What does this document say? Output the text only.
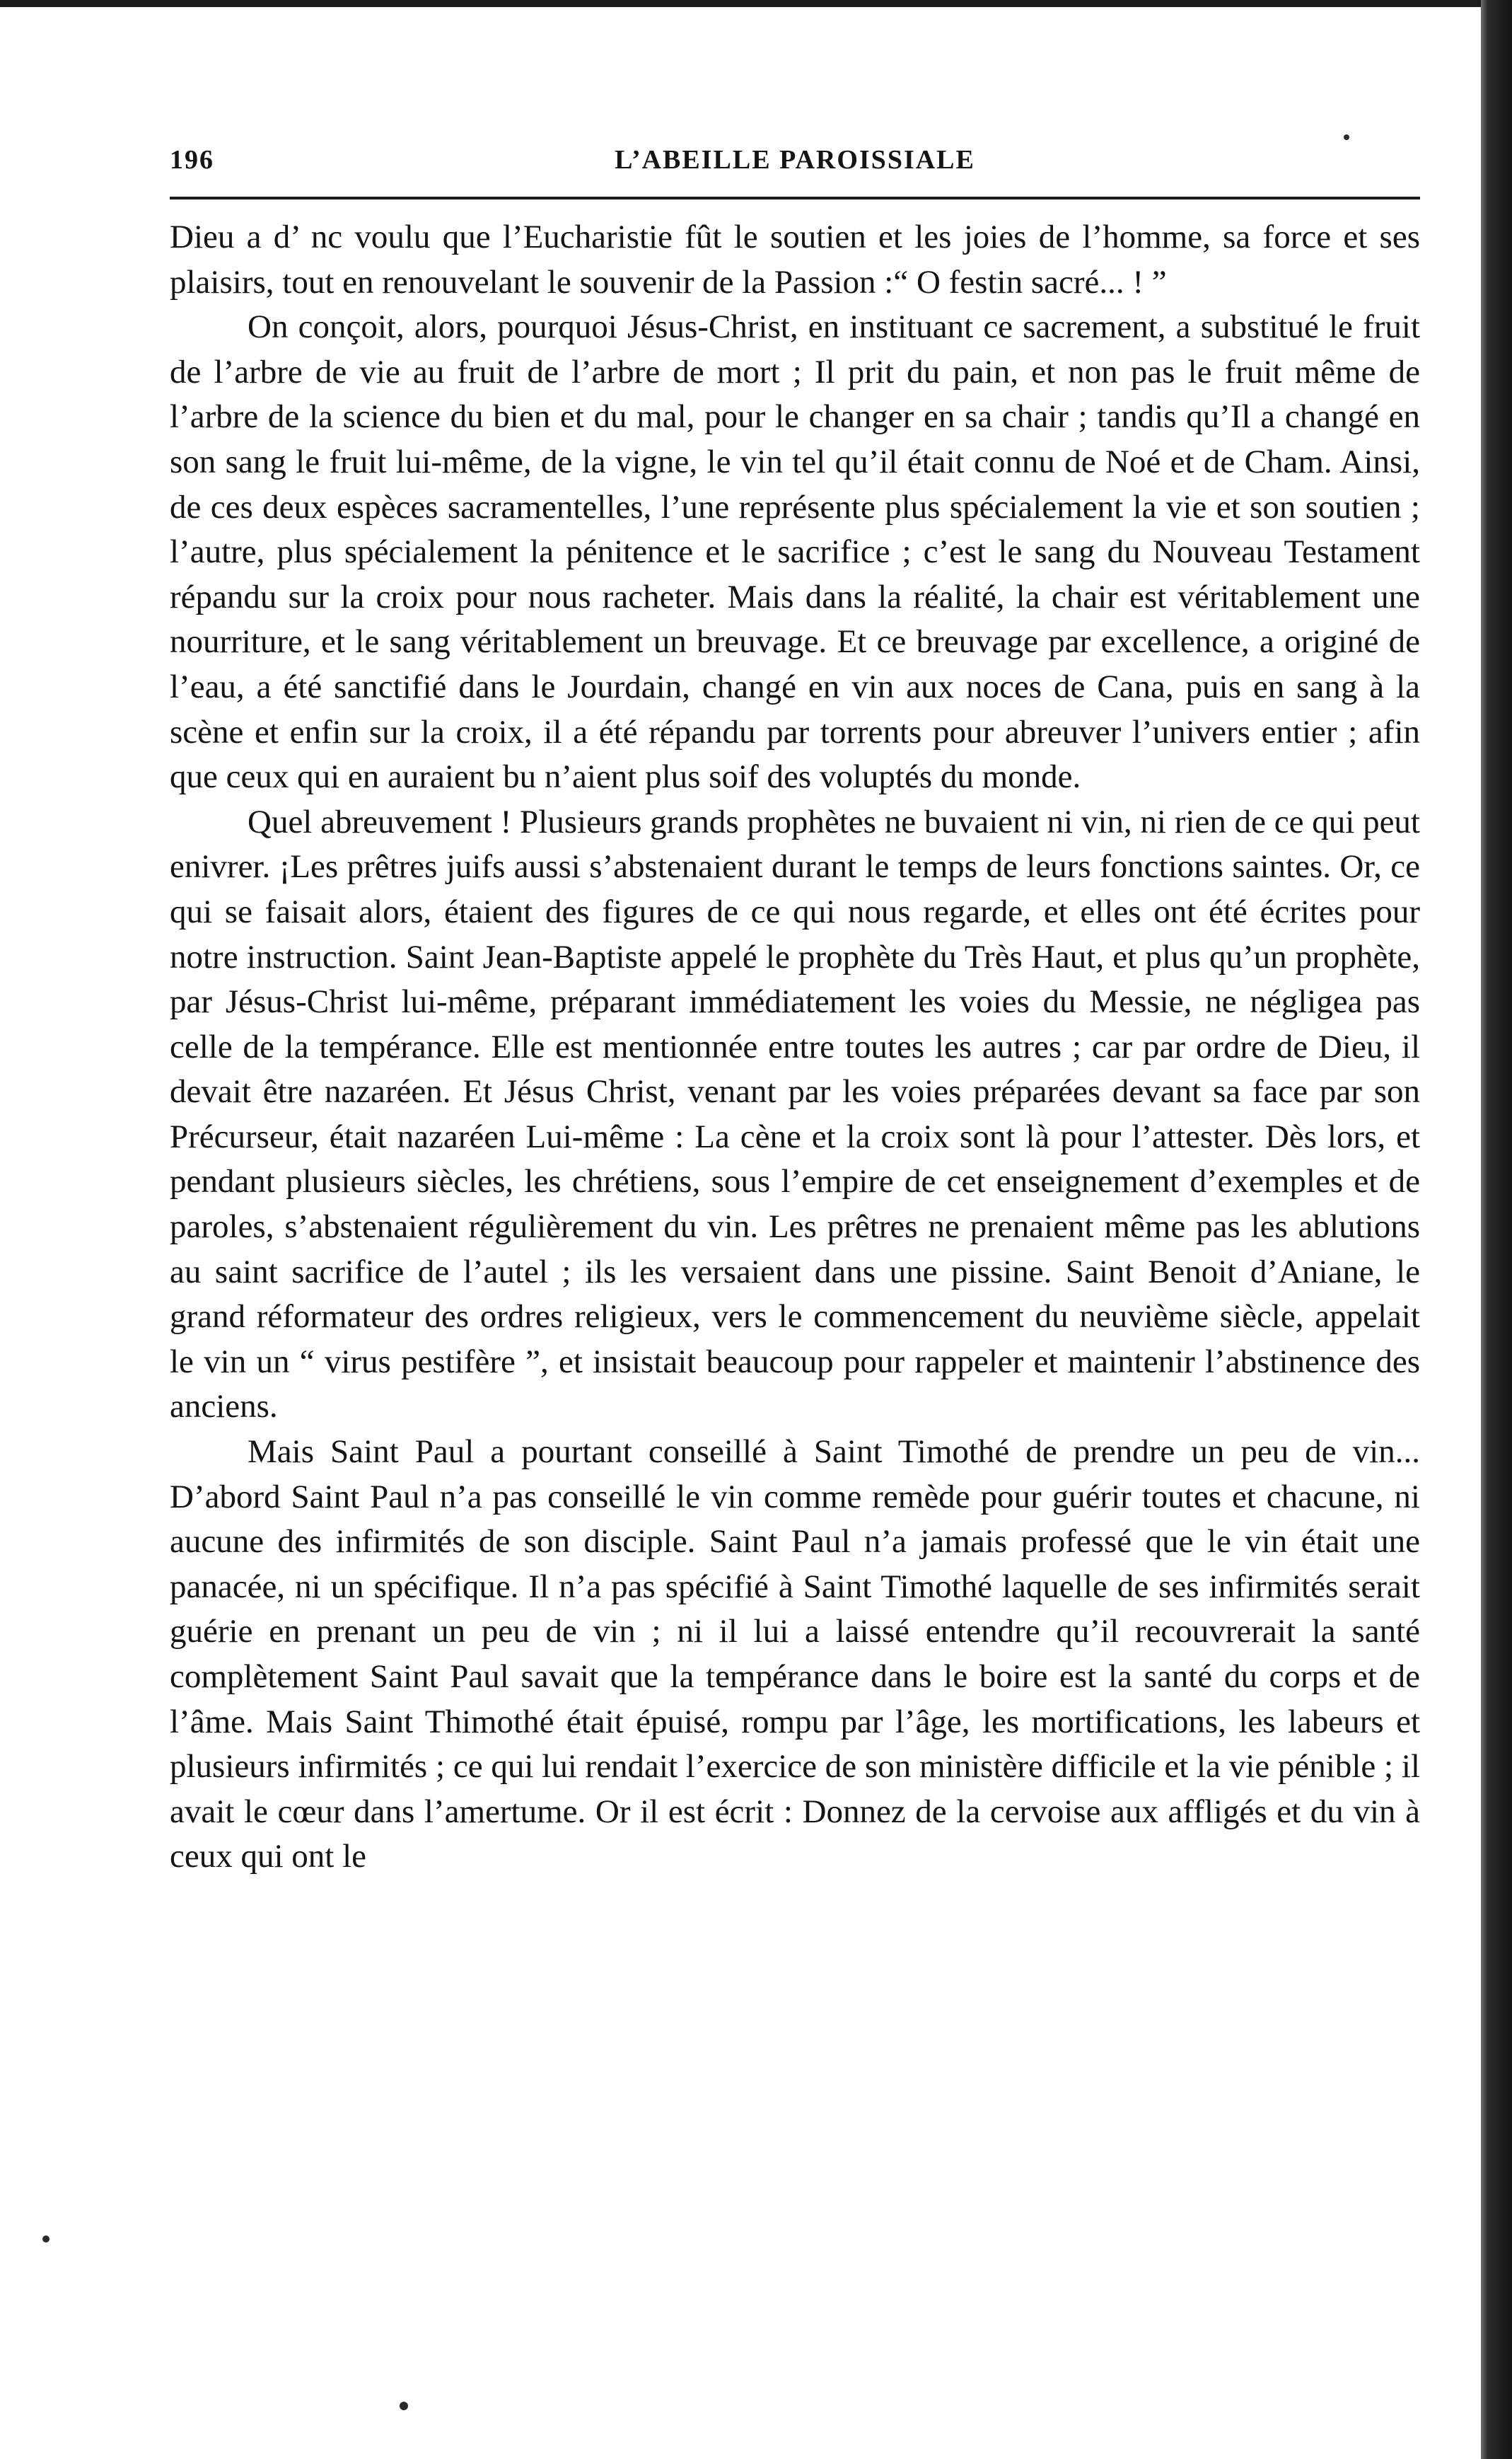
196	L’ABEILLE PAROISSIALE

Dieu a d’ nc voulu que l’Eucharistie fût le soutien et les joies de l’homme, sa force et ses plaisirs, tout en renouvelant le souvenir de la Passion :“ O festin sacré... ! ”

On conçoit, alors, pourquoi Jésus-Christ, en instituant ce sacrement, a substitué le fruit de l’arbre de vie au fruit de l’arbre de mort ; Il prit du pain, et non pas le fruit même de l’arbre de la science du bien et du mal, pour le changer en sa chair ; tandis qu’Il a changé en son sang le fruit lui-même, de la vigne, le vin tel qu’il était connu de Noé et de Cham. Ainsi, de ces deux espèces sacramentelles, l’une représente plus spécialement la vie et son soutien ; l’autre, plus spécialement la pénitence et le sacrifice ; c’est le sang du Nouveau Testament répandu sur la croix pour nous racheter. Mais dans la réalité, la chair est véritablement une nourriture, et le sang véritablement un breuvage. Et ce breuvage par excellence, a originé de l’eau, a été sanctifié dans le Jourdain, changé en vin aux noces de Cana, puis en sang à la scène et enfin sur la croix, il a été répandu par torrents pour abreuver l’univers entier ; afin que ceux qui en auraient bu n’aient plus soif des voluptés du monde.

Quel abreuvement ! Plusieurs grands prophètes ne buvaient ni vin, ni rien de ce qui peut enivrer. ¡Les prêtres juifs aussi s’abstenaient durant le temps de leurs fonctions saintes. Or, ce qui se faisait alors, étaient des figures de ce qui nous regarde, et elles ont été écrites pour notre instruction. Saint Jean-Baptiste appelé le prophète du Très Haut, et plus qu’un prophète, par Jésus-Christ lui-même, préparant immédiatement les voies du Messie, ne négligea pas celle de la tempérance. Elle est mentionnée entre toutes les autres ; car par ordre de Dieu, il devait être nazaréen. Et Jésus Christ, venant par les voies préparées devant sa face par son Précurseur, était nazaréen Lui-même : La cène et la croix sont là pour l’attester. Dès lors, et pendant plusieurs siècles, les chrétiens, sous l’empire de cet enseignement d’exemples et de paroles, s’abstenaient régulièrement du vin. Les prêtres ne prenaient même pas les ablutions au saint sacrifice de l’autel ; ils les versaient dans une pissine. Saint Benoit d’Aniane, le grand réformateur des ordres religieux, vers le commencement du neuvième siècle, appelait le vin un “ virus pestifère ”, et insistait beaucoup pour rappeler et maintenir l’abstinence des anciens.

Mais Saint Paul a pourtant conseillé à Saint Timothé de prendre un peu de vin... D’abord Saint Paul n’a pas conseillé le vin comme remède pour guérir toutes et chacune, ni aucune des infirmités de son disciple. Saint Paul n’a jamais professé que le vin était une panacée, ni un spécifique. Il n’a pas spécifié à Saint Timothé laquelle de ses infirmités serait guérie en prenant un peu de vin ; ni il lui a laissé entendre qu’il recouvrerait la santé complètement Saint Paul savait que la tempérance dans le boire est la santé du corps et de l’âme. Mais Saint Thimothé était épuisé, rompu par l’âge, les mortifications, les labeurs et plusieurs infirmités ; ce qui lui rendait l’exercice de son ministère difficile et la vie pénible ; il avait le cœur dans l’amertume. Or il est écrit : Donnez de la cervoise aux affligés et du vin à ceux qui ont le
